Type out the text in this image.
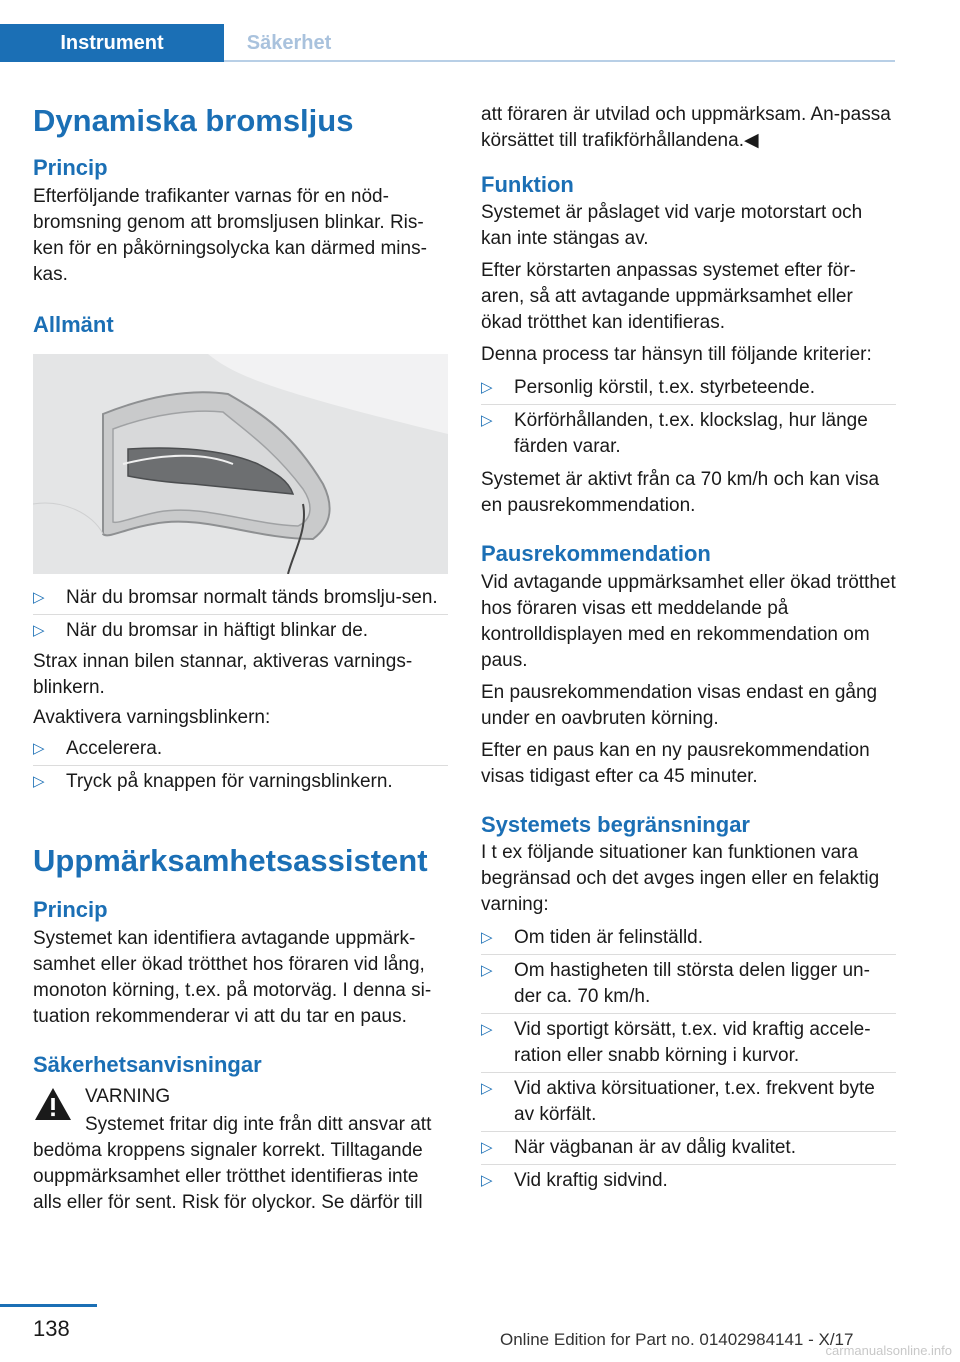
Instrument	Säkerhet
Dynamiska bromsljus
Princip

Efterföljande trafikanter varnas för en nöd-bromsning genom att bromsljusen blinkar. Ris-ken för en påkörningsolycka kan därmed mins-kas.

Allmänt
▷	När du bromsar normalt tänds bromslju-sen.
▷	När du bromsar in häftigt blinkar de.

Strax innan bilen stannar, aktiveras varnings-blinkern.

Avaktivera varningsblinkern:

▷	Accelerera.
▷	Tryck på knappen för varningsblinkern.
Uppmärksamhetsassistent
Princip

Systemet kan identifiera avtagande uppmärk-samhet eller ökad trötthet hos föraren vid lång, monoton körning, t.ex. på motorväg. I denna si-tuation rekommenderar vi att du tar en paus.

Säkerhetsanvisningar

VARNING

Systemet fritar dig inte från ditt ansvar att bedöma kroppens signaler korrekt. Tilltagande ouppmärksamhet eller trötthet identifieras inte alls eller för sent. Risk för olyckor. Se därför till

att föraren är utvilad och uppmärksam. An-passa körsättet till trafikförhållandena.◀

Funktion

Systemet är påslaget vid varje motorstart och kan inte stängas av.

Efter körstarten anpassas systemet efter för-aren, så att avtagande uppmärksamhet eller ökad trötthet kan identifieras.

Denna process tar hänsyn till följande kriterier:

▷	Personlig körstil, t.ex. styrbeteende.
▷	Körförhållanden, t.ex. klockslag, hur länge färden varar.

Systemet är aktivt från ca 70 km/h och kan visa en pausrekommendation.

Pausrekommendation

Vid avtagande uppmärksamhet eller ökad trötthet hos föraren visas ett meddelande på kontrolldisplayen med en rekommendation om paus.

En pausrekommendation visas endast en gång under en oavbruten körning.

Efter en paus kan en ny pausrekommendation visas tidigast efter ca 45 minuter.

Systemets begränsningar

I t ex följande situationer kan funktionen vara begränsad och det avges ingen eller en felaktig varning:

▷	Om tiden är felinställd.
▷	Om hastigheten till största delen ligger un-der ca. 70 km/h.
▷	Vid sportigt körsätt, t.ex. vid kraftig accele-ration eller snabb körning i kurvor.
▷	Vid aktiva körsituationer, t.ex. frekvent byte av körfält.
▷	När vägbanan är av dålig kvalitet.
▷	Vid kraftig sidvind.
138	Online Edition for Part no. 01402984141 - X/17
carmanualsonline.info
